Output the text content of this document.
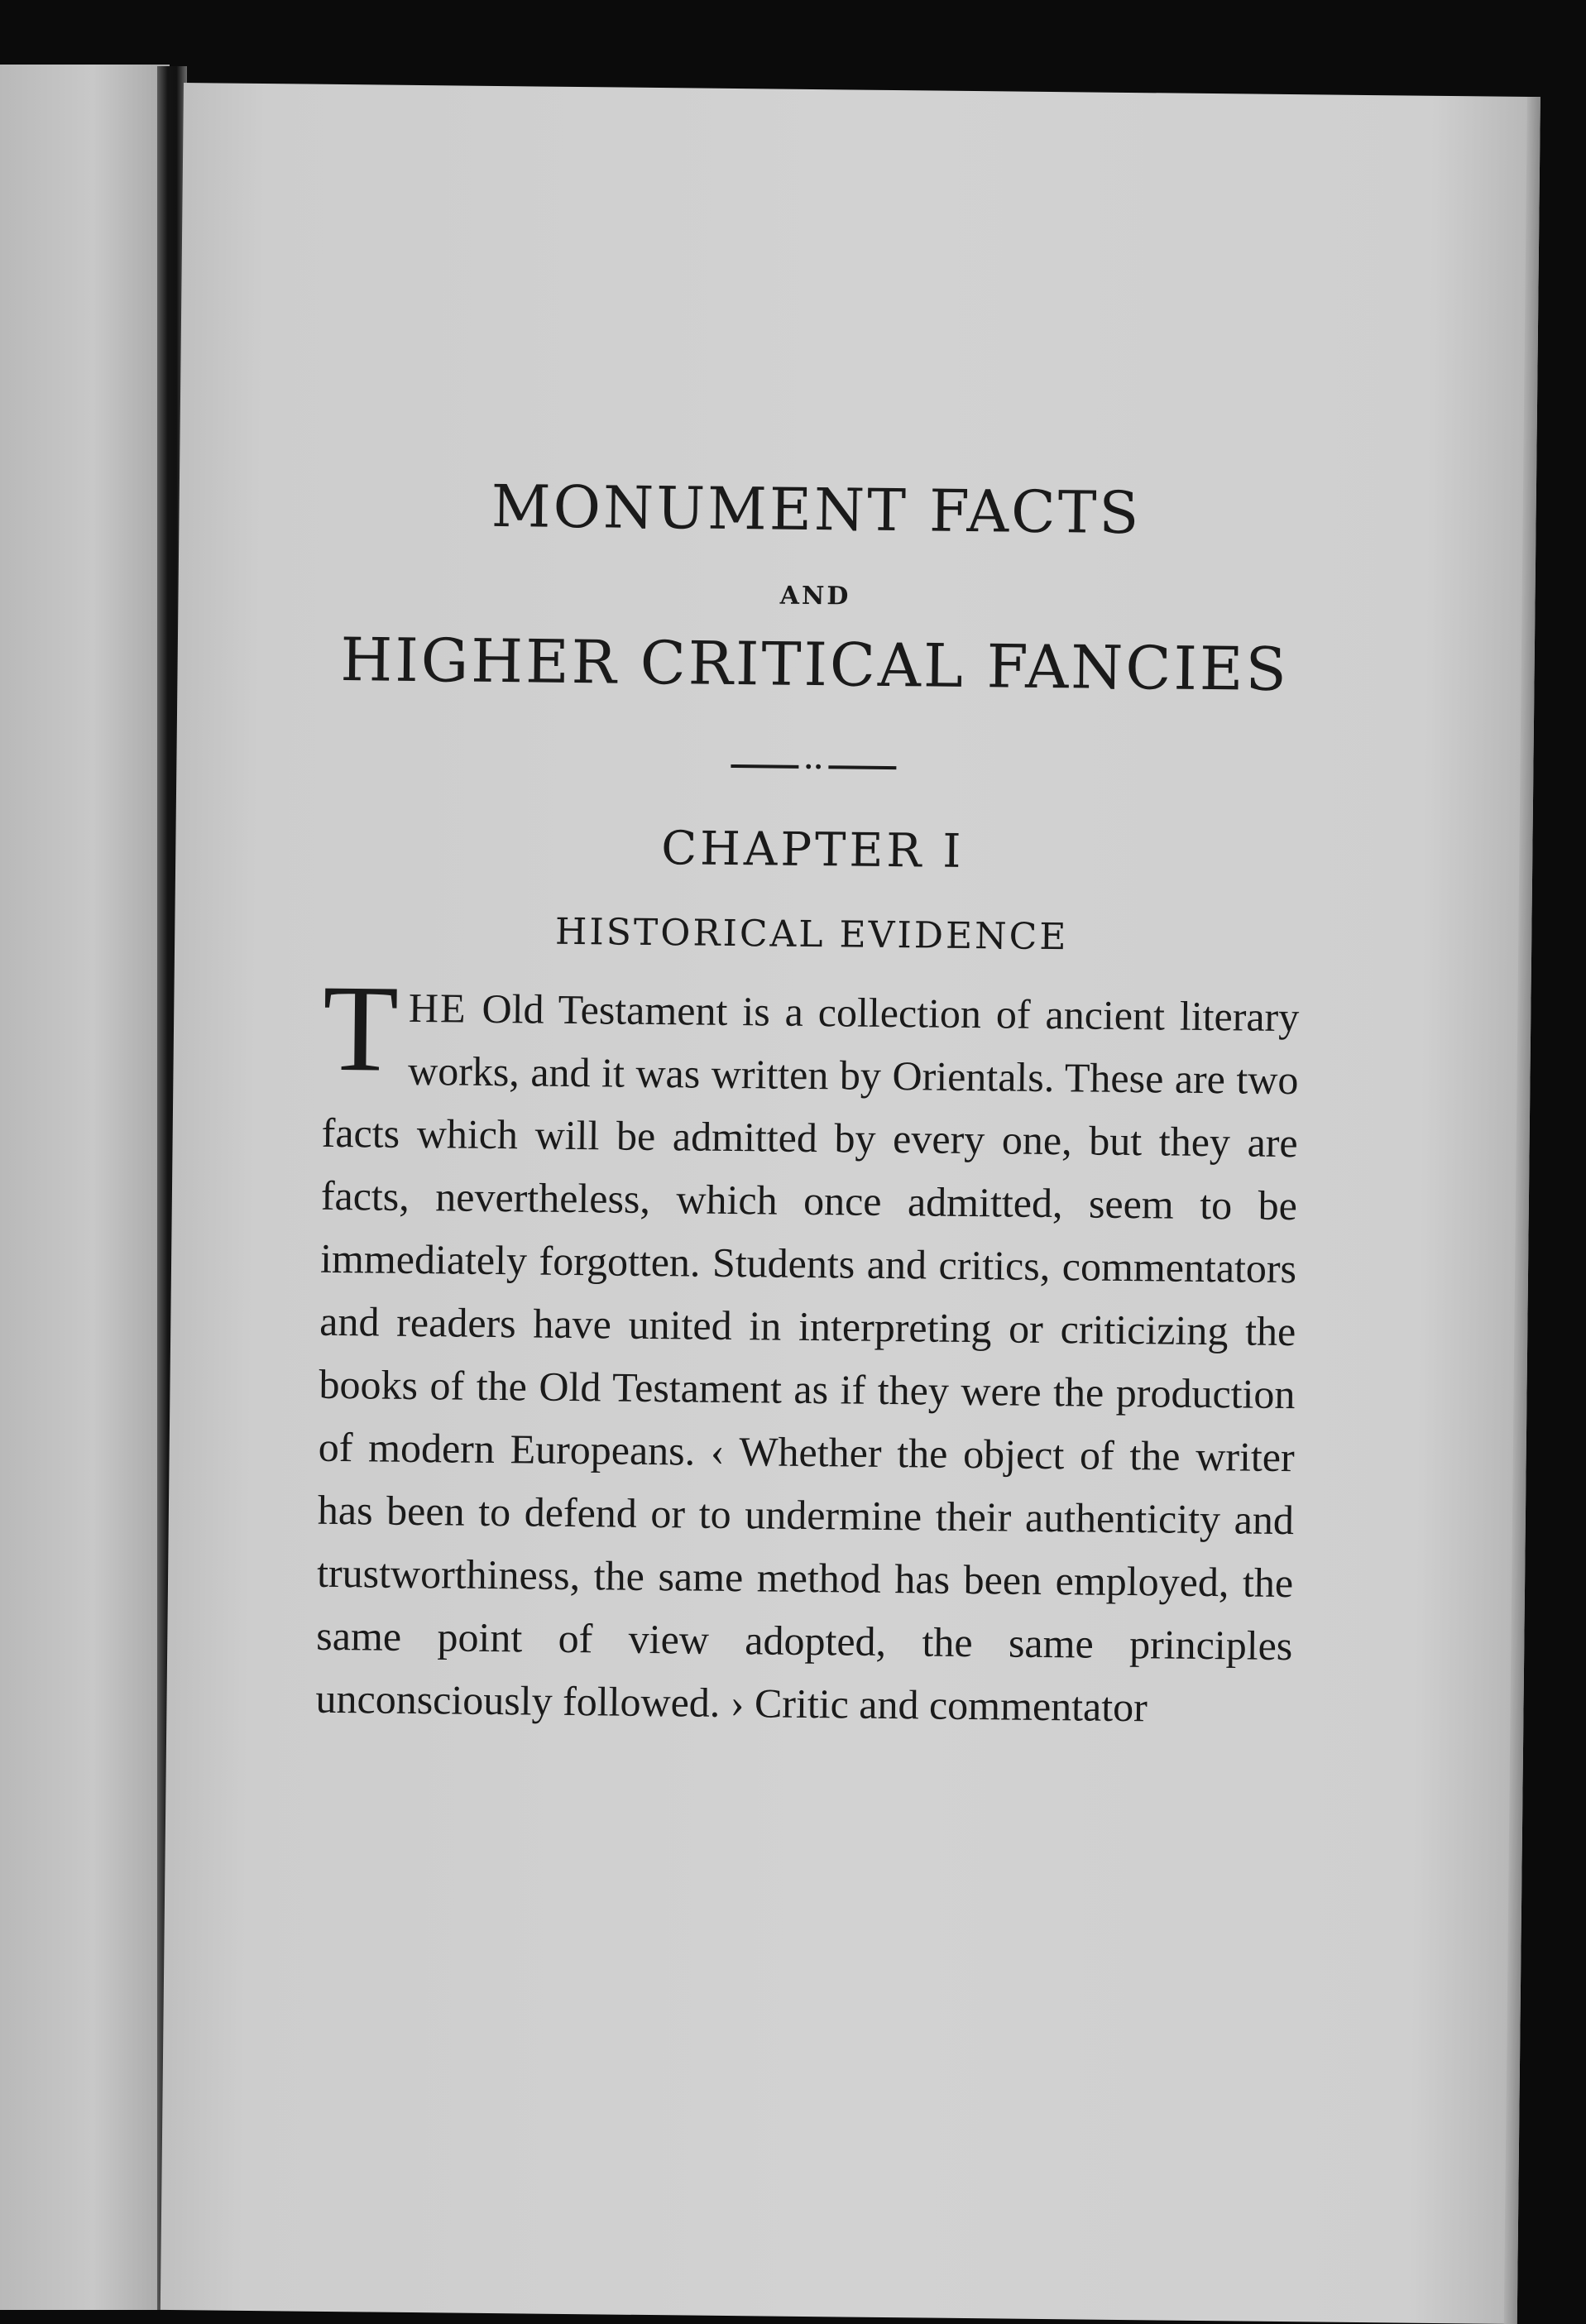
MONUMENT FACTS
AND
HIGHER CRITICAL FANCIES
••
CHAPTER I
HISTORICAL EVIDENCE

THE Old Testament is a collection of ancient literary works, and it was written by Orientals. These are two facts which will be admitted by every one, but they are facts, nevertheless, which once admitted, seem to be immediately forgotten. Students and critics, commentators and readers have united in interpreting or criticizing the books of the Old Testament as if they were the production of modern Europeans. ‹ Whether the object of the writer has been to defend or to undermine their authenticity and trustworthiness, the same method has been employed, the same point of view adopted, the same principles unconsciously followed. › Critic and commentator
